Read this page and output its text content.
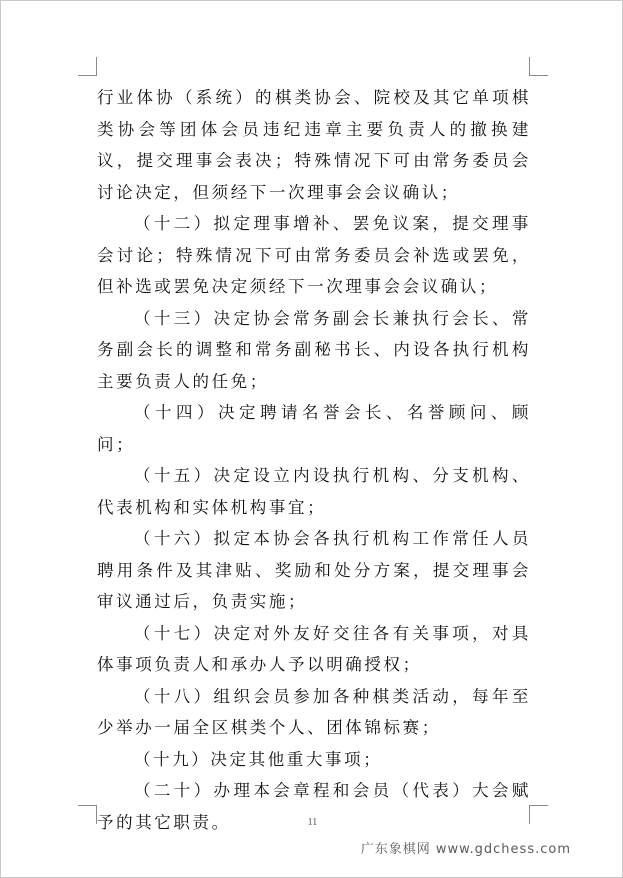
行业体协（系统）的棋类协会、院校及其它单项棋类协会等团体会员违纪违章主要负责人的撤换建议，提交理事会表决；特殊情况下可由常务委员会讨论决定，但须经下一次理事会会议确认；

（十二）拟定理事增补、罢免议案，提交理事会讨论；特殊情况下可由常务委员会补选或罢免，但补选或罢免决定须经下一次理事会会议确认；

（十三）决定协会常务副会长兼执行会长、常务副会长的调整和常务副秘书长、内设各执行机构主要负责人的任免；

（十四）决定聘请名誉会长、名誉顾问、顾问；

（十五）决定设立内设执行机构、分支机构、代表机构和实体机构事宜；

（十六）拟定本协会各执行机构工作常任人员聘用条件及其津贴、奖励和处分方案，提交理事会审议通过后，负责实施；

（十七）决定对外友好交往各有关事项，对具体事项负责人和承办人予以明确授权；

（十八）组织会员参加各种棋类活动，每年至少举办一届全区棋类个人、团体锦标赛；

（十九）决定其他重大事项；

（二十）办理本会章程和会员（代表）大会赋予的其它职责。	11
广东象棋网 www.gdchess.com
